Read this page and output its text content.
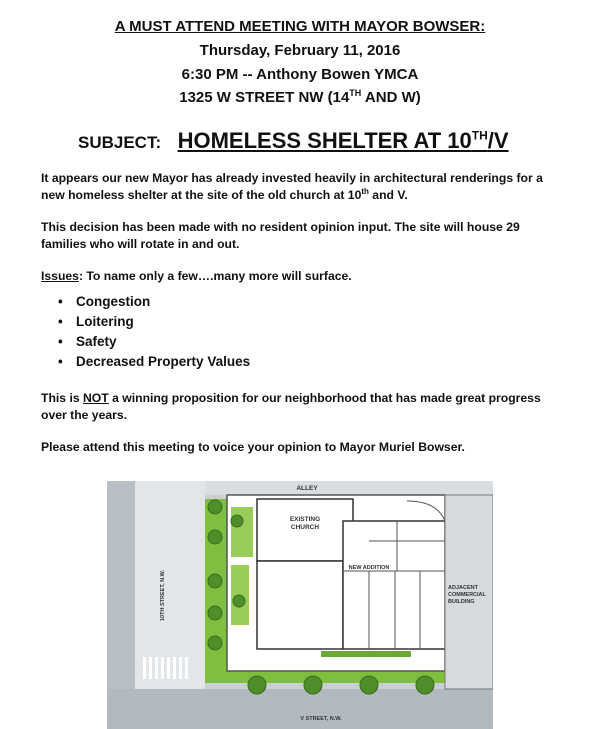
A MUST ATTEND MEETING WITH MAYOR BOWSER:
Thursday, February 11, 2016
6:30 PM -- Anthony Bowen YMCA
1325 W STREET NW (14TH AND W)
SUBJECT: HOMELESS SHELTER AT 10TH/V
It appears our new Mayor has already invested heavily in architectural renderings for a new homeless shelter at the site of the old church at 10th and V.
This decision has been made with no resident opinion input. The site will house 29 families who will rotate in and out.
Issues: To name only a few….many more will surface.
• Congestion
• Loitering
• Safety
• Decreased Property Values
This is NOT a winning proposition for our neighborhood that has made great progress over the years.
Please attend this meeting to voice your opinion to Mayor Muriel Bowser.
ALLEY
EXISTING
CHURCH
NEW ADDITION
ADJACENT
COMMERCIAL
BUILDING
V STREET, N.W.
10TH STREET, N.W.
